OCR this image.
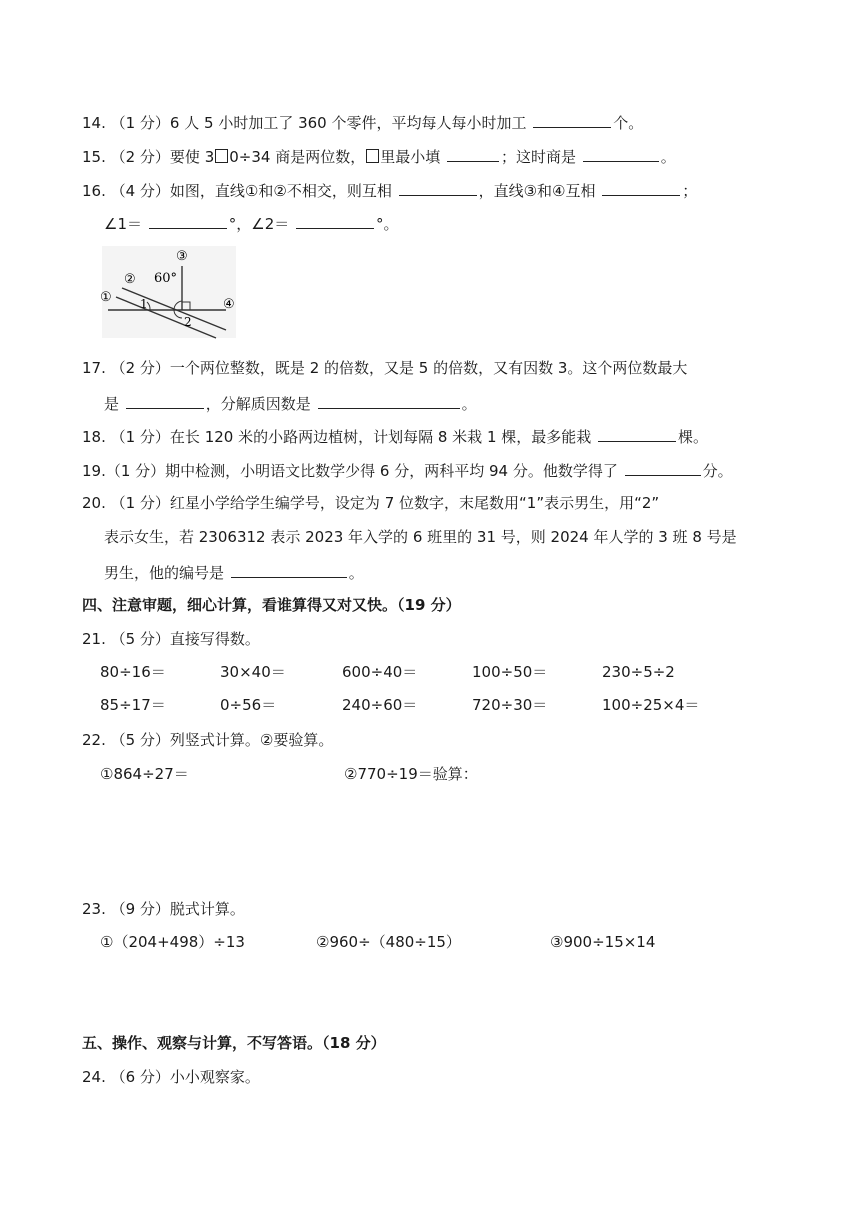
14. （1 分）6 人 5 小时加工了 360 个零件，平均每人每小时加工	个。
15. （2 分）要使 3 0÷34 商是两位数， 里最小填	；这时商是	。
16. （4 分）如图，直线①和②不相交，则互相	，直线③和④互相	；
∠1＝	°，∠2＝	°。
①
②
③
④
60°
1
2
17. （2 分）一个两位整数，既是 2 的倍数，又是 5 的倍数，又有因数 3。这个两位数最大
是	，分解质因数是	。
18. （1 分）在长 120 米的小路两边植树，计划每隔 8 米栽 1 棵，最多能栽	棵。
19.（1 分）期中检测，小明语文比数学少得 6 分，两科平均 94 分。他数学得了	分。
20. （1 分）红星小学给学生编学号，设定为 7 位数字，末尾数用“1”表示男生，用“2”
表示女生，若 2306312 表示 2023 年入学的 6 班里的 31 号，则 2024 年人学的 3 班 8 号是
男生，他的编号是	。
四、注意审题，细心计算，看谁算得又对又快。（19 分）
21. （5 分）直接写得数。
80÷16＝	30×40＝	600÷40＝	100÷50＝	230÷5÷2
85÷17＝	0÷56＝	240÷60＝	720÷30＝	100÷25×4＝
22. （5 分）列竖式计算。②要验算。
①864÷27＝	②770÷19＝验算：
23. （9 分）脱式计算。
①（204+498）÷13	②960÷（480÷15）	③900÷15×14
五、操作、观察与计算，不写答语。（18 分）
24. （6 分）小小观察家。
